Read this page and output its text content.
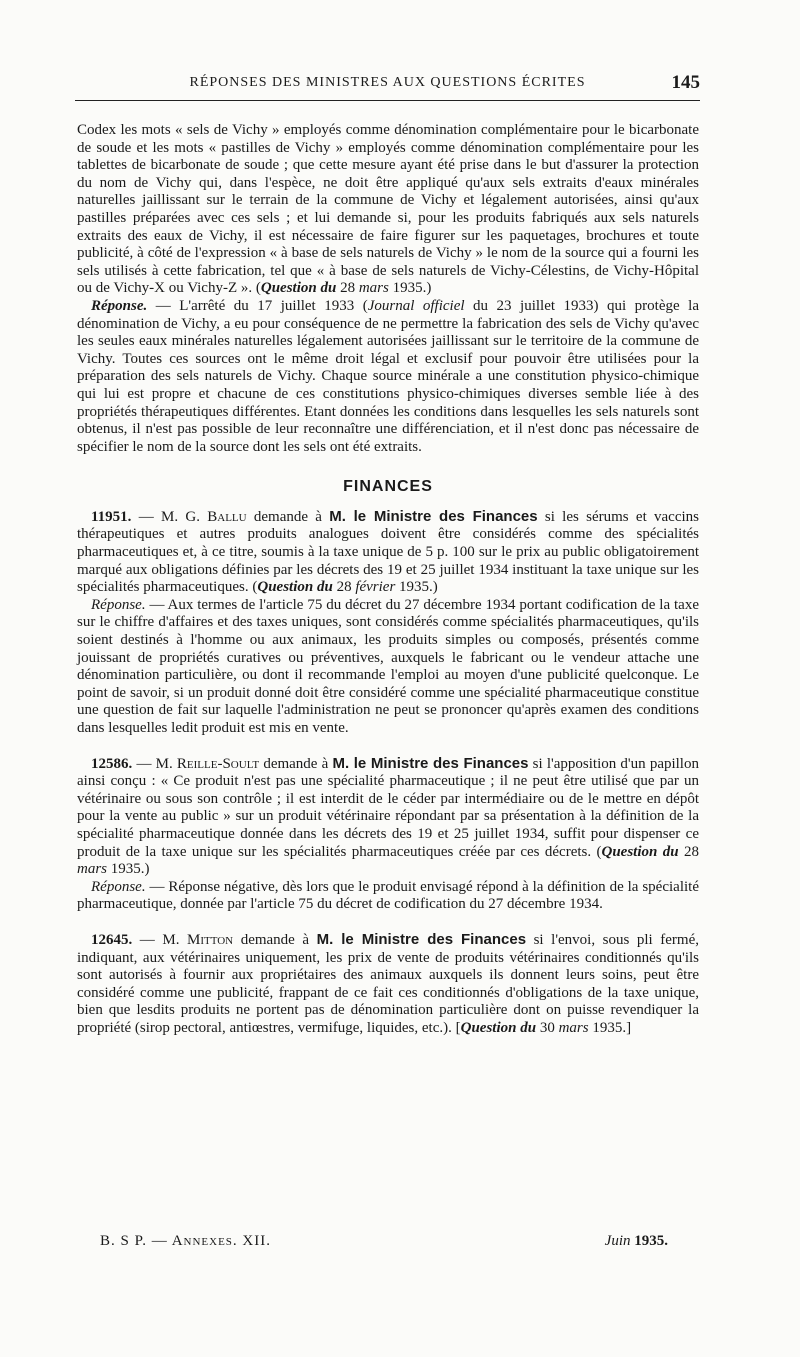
RÉPONSES DES MINISTRES AUX QUESTIONS ÉCRITES	145

Codex les mots « sels de Vichy » employés comme dénomination complémentaire pour le bicarbonate de soude et les mots « pastilles de Vichy » employés comme dénomination complémentaire pour les tablettes de bicarbonate de soude ; que cette mesure ayant été prise dans le but d'assurer la protection du nom de Vichy qui, dans l'espèce, ne doit être appliqué qu'aux sels extraits d'eaux minérales naturelles jaillissant sur le terrain de la commune de Vichy et légalement autorisées, ainsi qu'aux pastilles préparées avec ces sels ; et lui demande si, pour les produits fabriqués aux sels naturels extraits des eaux de Vichy, il est nécessaire de faire figurer sur les paquetages, brochures et toute publicité, à côté de l'expression « à base de sels naturels de Vichy » le nom de la source qui a fourni les sels utilisés à cette fabrication, tel que « à base de sels naturels de Vichy-Célestins, de Vichy-Hôpital ou de Vichy-X ou Vichy-Z ». (Question du 28 mars 1935.)

Réponse. — L'arrêté du 17 juillet 1933 (Journal officiel du 23 juillet 1933) qui protège la dénomination de Vichy, a eu pour conséquence de ne permettre la fabrication des sels de Vichy qu'avec les seules eaux minérales naturelles légalement autorisées jaillissant sur le territoire de la commune de Vichy. Toutes ces sources ont le même droit légal et exclusif pour pouvoir être utilisées pour la préparation des sels naturels de Vichy. Chaque source minérale a une constitution physico-chimique qui lui est propre et chacune de ces constitutions physico-chimiques diverses semble liée à des propriétés thérapeutiques différentes. Etant données les conditions dans lesquelles les sels naturels sont obtenus, il n'est pas possible de leur reconnaître une différenciation, et il n'est donc pas nécessaire de spécifier le nom de la source dont les sels ont été extraits.

FINANCES

11951. — M. G. Ballu demande à M. le Ministre des Finances si les sérums et vaccins thérapeutiques et autres produits analogues doivent être considérés comme des spécialités pharmaceutiques et, à ce titre, soumis à la taxe unique de 5 p. 100 sur le prix au public obligatoirement marqué aux obligations définies par les décrets des 19 et 25 juillet 1934 instituant la taxe unique sur les spécialités pharmaceutiques. (Question du 28 février 1935.)

Réponse. — Aux termes de l'article 75 du décret du 27 décembre 1934 portant codification de la taxe sur le chiffre d'affaires et des taxes uniques, sont considérés comme spécialités pharmaceutiques, qu'ils soient destinés à l'homme ou aux animaux, les produits simples ou composés, présentés comme jouissant de propriétés curatives ou préventives, auxquels le fabricant ou le vendeur attache une dénomination particulière, ou dont il recommande l'emploi au moyen d'une publicité quelconque. Le point de savoir, si un produit donné doit être considéré comme une spécialité pharmaceutique constitue une question de fait sur laquelle l'administration ne peut se prononcer qu'après examen des conditions dans lesquelles ledit produit est mis en vente.

12586. — M. Reille-Soult demande à M. le Ministre des Finances si l'apposition d'un papillon ainsi conçu : « Ce produit n'est pas une spécialité pharmaceutique ; il ne peut être utilisé que par un vétérinaire ou sous son contrôle ; il est interdit de le céder par intermédiaire ou de le mettre en dépôt pour la vente au public » sur un produit vétérinaire répondant par sa présentation à la définition de la spécialité pharmaceutique donnée dans les décrets des 19 et 25 juillet 1934, suffit pour dispenser ce produit de la taxe unique sur les spécialités pharmaceutiques créée par ces décrets. (Question du 28 mars 1935.)

Réponse. — Réponse négative, dès lors que le produit envisagé répond à la définition de la spécialité pharmaceutique, donnée par l'article 75 du décret de codification du 27 décembre 1934.

12645. — M. Mitton demande à M. le Ministre des Finances si l'envoi, sous pli fermé, indiquant, aux vétérinaires uniquement, les prix de vente de produits vétérinaires conditionnés qu'ils sont autorisés à fournir aux propriétaires des animaux auxquels ils donnent leurs soins, peut être considéré comme une publicité, frappant de ce fait ces conditionnés d'obligations de la taxe unique, bien que lesdits produits ne portent pas de dénomination particulière dont on puisse revendiquer la propriété (sirop pectoral, antiœstres, vermifuge, liquides, etc.). [Question du 30 mars 1935.]

B. S P. — Annexes. XII.	Juin 1935.
